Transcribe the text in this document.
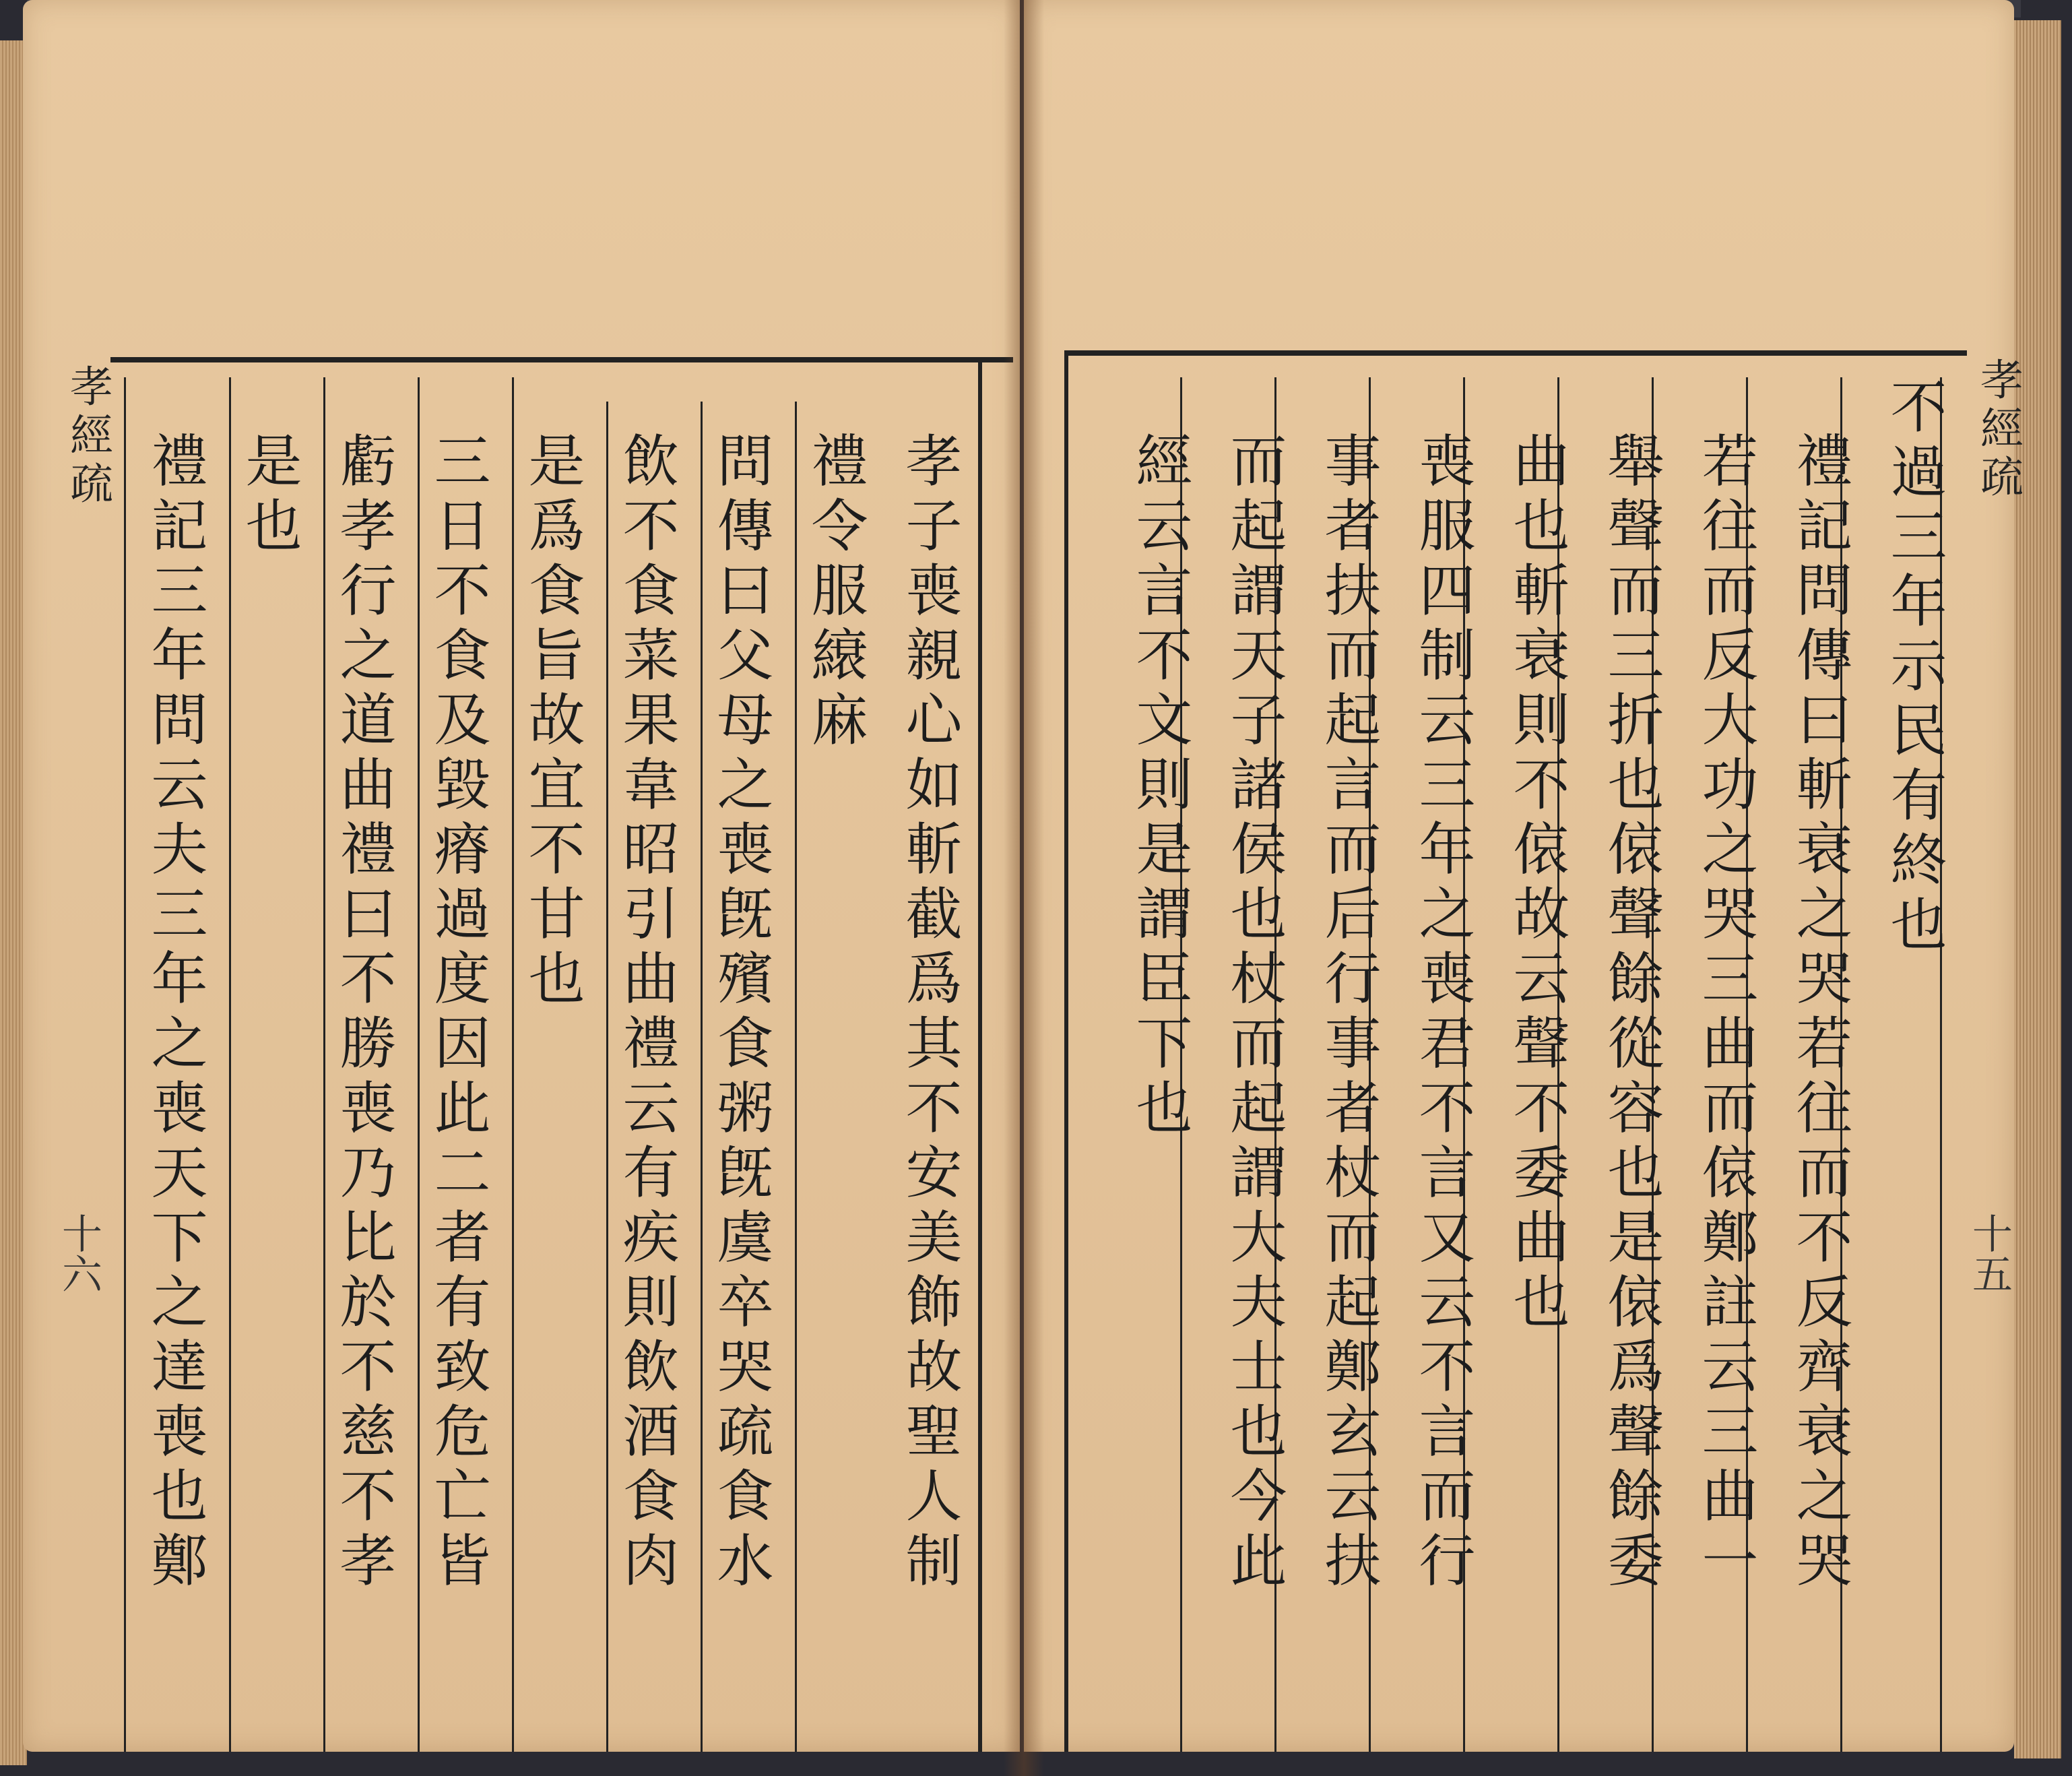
孝經疏
十六	孝子喪親心如斬截爲其不安美飾故聖人制
禮令服縗麻
問傳曰父母之喪旣殯食粥旣虞卒哭疏食水
飲不食菜果韋昭引曲禮云有疾則飲酒食肉
是爲食旨故宜不甘也
三日不食及毀瘠過度因此二者有致危亡皆
虧孝行之道曲禮曰不勝喪乃比於不慈不孝
是也
禮記三年問云夫三年之喪天下之達喪也鄭
孝經疏
十五
不過三年示民有終也
禮記問傳曰斬衰之哭若往而不反齊衰之哭
若往而反大功之哭三曲而偯鄭註云三曲一
舉聲而三折也偯聲餘從容也是偯爲聲餘委
曲也斬衰則不偯故云聲不委曲也
喪服四制云三年之喪君不言又云不言而行
事者扶而起言而后行事者杖而起鄭玄云扶
而起謂天子諸侯也杖而起謂大夫士也今此
經云言不文則是謂臣下也
